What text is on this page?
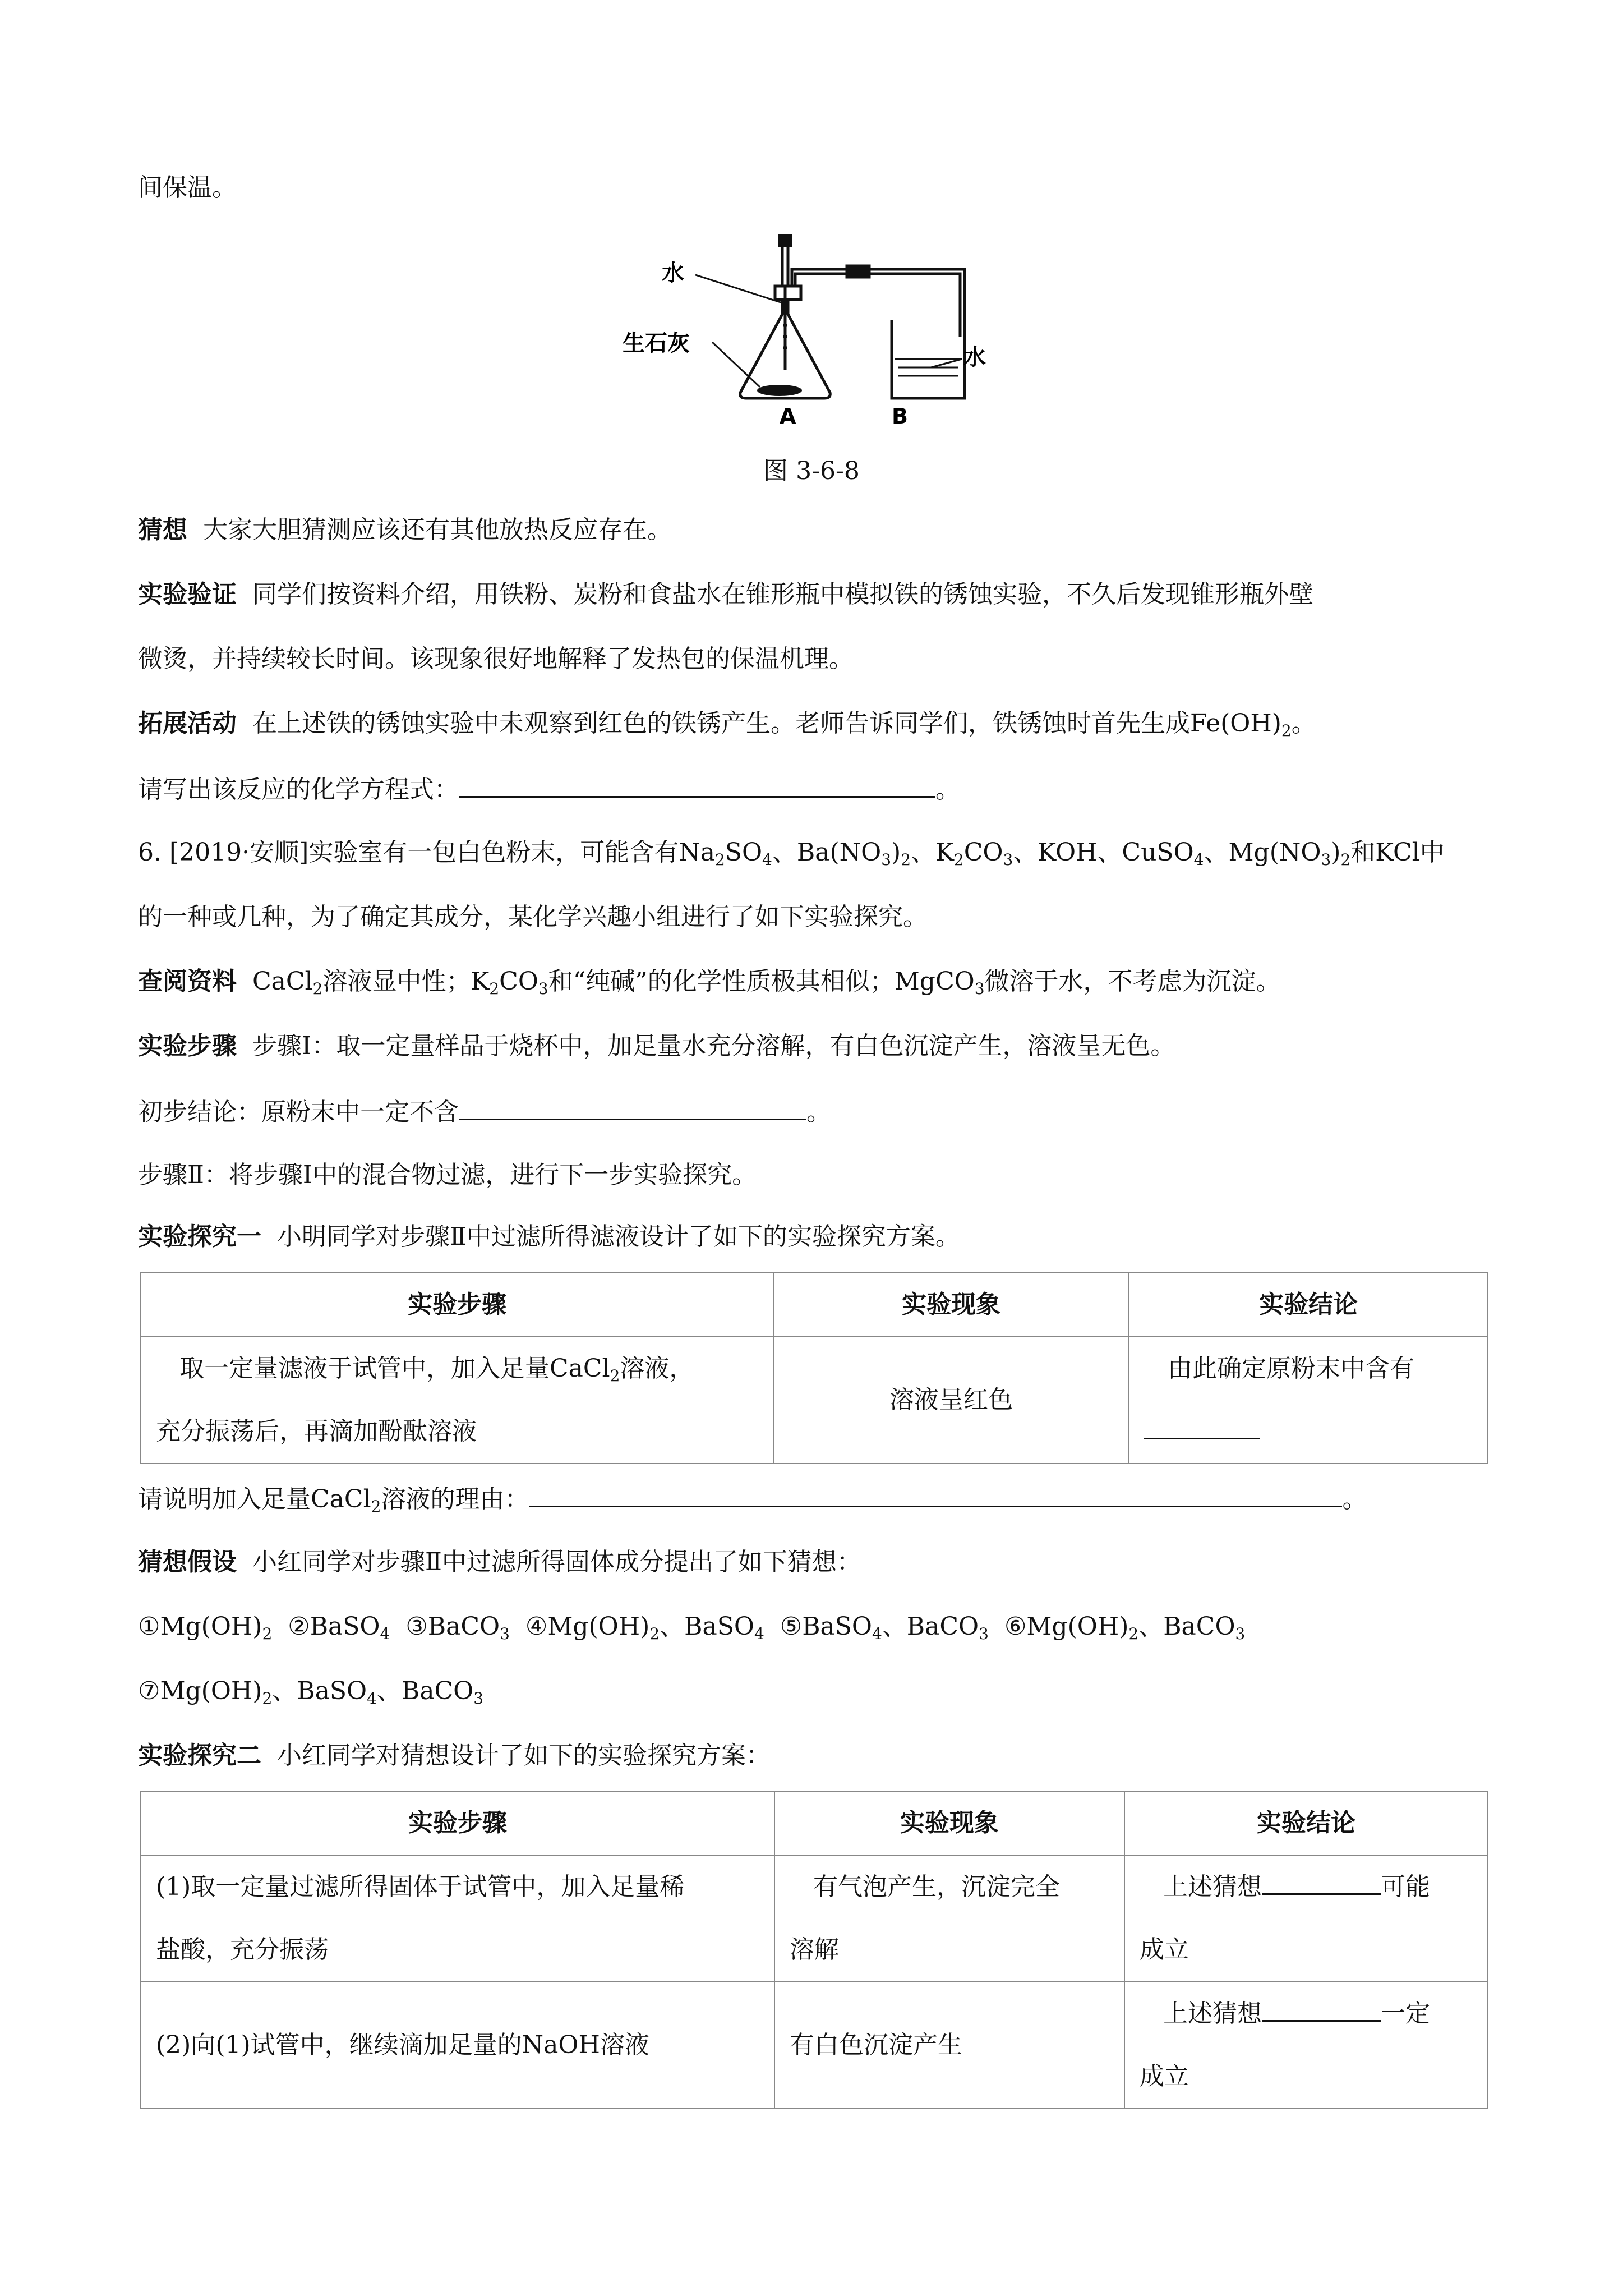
间保温。
水
生石灰
水
A	B
图 3-6-8
猜想 大家大胆猜测应该还有其他放热反应存在。
实验验证 同学们按资料介绍，用铁粉、炭粉和食盐水在锥形瓶中模拟铁的锈蚀实验，不久后发现锥形瓶外壁
微烫，并持续较长时间。该现象很好地解释了发热包的保温机理。
拓展活动 在上述铁的锈蚀实验中未观察到红色的铁锈产生。老师告诉同学们，铁锈蚀时首先生成$Fe(OH)_2$。
请写出该反应的化学方程式：	。
6. [2019·安顺]实验室有一包白色粉末，可能含有$Na_2SO_4$、$Ba(NO_3)_2$、$K_2CO_3$、KOH、CuSO$_4$、$Mg(NO_3)_2$和KCl中
的一种或几种，为了确定其成分，某化学兴趣小组进行了如下实验探究。
查阅资料 CaCl$_2$溶液显中性；$K_2CO_3$和“纯碱”的化学性质极其相似；MgCO$_3$微溶于水，不考虑为沉淀。
实验步骤 步骤Ⅰ：取一定量样品于烧杯中，加足量水充分溶解，有白色沉淀产生，溶液呈无色。
初步结论：原粉末中一定不含	。
步骤Ⅱ：将步骤Ⅰ中的混合物过滤，进行下一步实验探究。
实验探究一 小明同学对步骤Ⅱ中过滤所得滤液设计了如下的实验探究方案。
实验步骤	实验现象	实验结论
取一定量滤液于试管中，加入足量CaCl$_2$溶液，
充分振荡后，再滴加酚酞溶液	溶液呈红色	由此确定原粉末中含有

请说明加入足量CaCl$_2$溶液的理由：	。
猜想假设 小红同学对步骤Ⅱ中过滤所得固体成分提出了如下猜想：
$①Mg(OH)_2$ ②BaSO$_4$ ③BaCO$_3$ $④Mg(OH)_2$、BaSO$_4$ ⑤BaSO$_4$、BaCO$_3$ $⑥Mg(OH)_2$、BaCO$_3$
$⑦Mg(OH)_2$、BaSO$_4$、BaCO$_3$
实验探究二 小红同学对猜想设计了如下的实验探究方案：
实验步骤	实验现象	实验结论
(1)取一定量过滤所得固体于试管中，加入足量稀
盐酸，充分振荡	有气泡产生，沉淀完全
溶解	上述猜想 可能
成立
(2)向(1)试管中，继续滴加足量的NaOH溶液	有白色沉淀产生	上述猜想 一定
成立
